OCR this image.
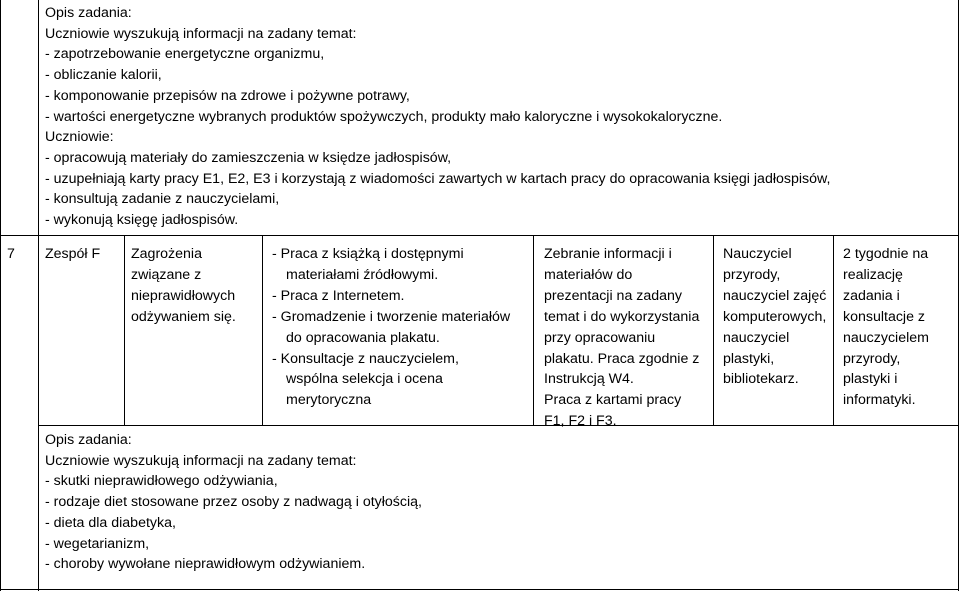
Opis zadania:
Uczniowie wyszukują informacji na zadany temat:
- zapotrzebowanie energetyczne organizmu,
- obliczanie kalorii,
- komponowanie przepisów na zdrowe i pożywne potrawy,
- wartości energetyczne wybranych produktów spożywczych, produkty mało kaloryczne i wysokokaloryczne.
Uczniowie:
- opracowują materiały do zamieszczenia w księdze jadłospisów,
- uzupełniają karty pracy E1, E2, E3 i korzystają z wiadomości zawartych w kartach pracy do opracowania księgi jadłospisów,
- konsultują zadanie z nauczycielami,
- wykonują księgę jadłospisów.
7 Zespół F Zagrożenia
związane z
nieprawidłowych
odżywaniem się.
- Praca z książką i dostępnymi
materiałami źródłowymi.
- Praca z Internetem.
- Gromadzenie i tworzenie materiałów
do opracowania plakatu.
- Konsultacje z nauczycielem,
wspólna selekcja i ocena
merytoryczna
Zebranie informacji i
materiałów do
prezentacji na zadany
temat i do wykorzystania
przy opracowaniu
plakatu. Praca zgodnie z
Instrukcją W4.
Praca z kartami pracy
F1, F2 i F3.
Nauczyciel
przyrody,
nauczyciel zajęć
komputerowych,
nauczyciel
plastyki,
bibliotekarz.
2 tygodnie na
realizację
zadania i
konsultacje z
nauczycielem
przyrody,
plastyki i
informatyki.
Opis zadania:
Uczniowie wyszukują informacji na zadany temat:
- skutki nieprawidłowego odżywiania,
- rodzaje diet stosowane przez osoby z nadwagą i otyłością,
- dieta dla diabetyka,
- wegetarianizm,
- choroby wywołane nieprawidłowym odżywianiem.
